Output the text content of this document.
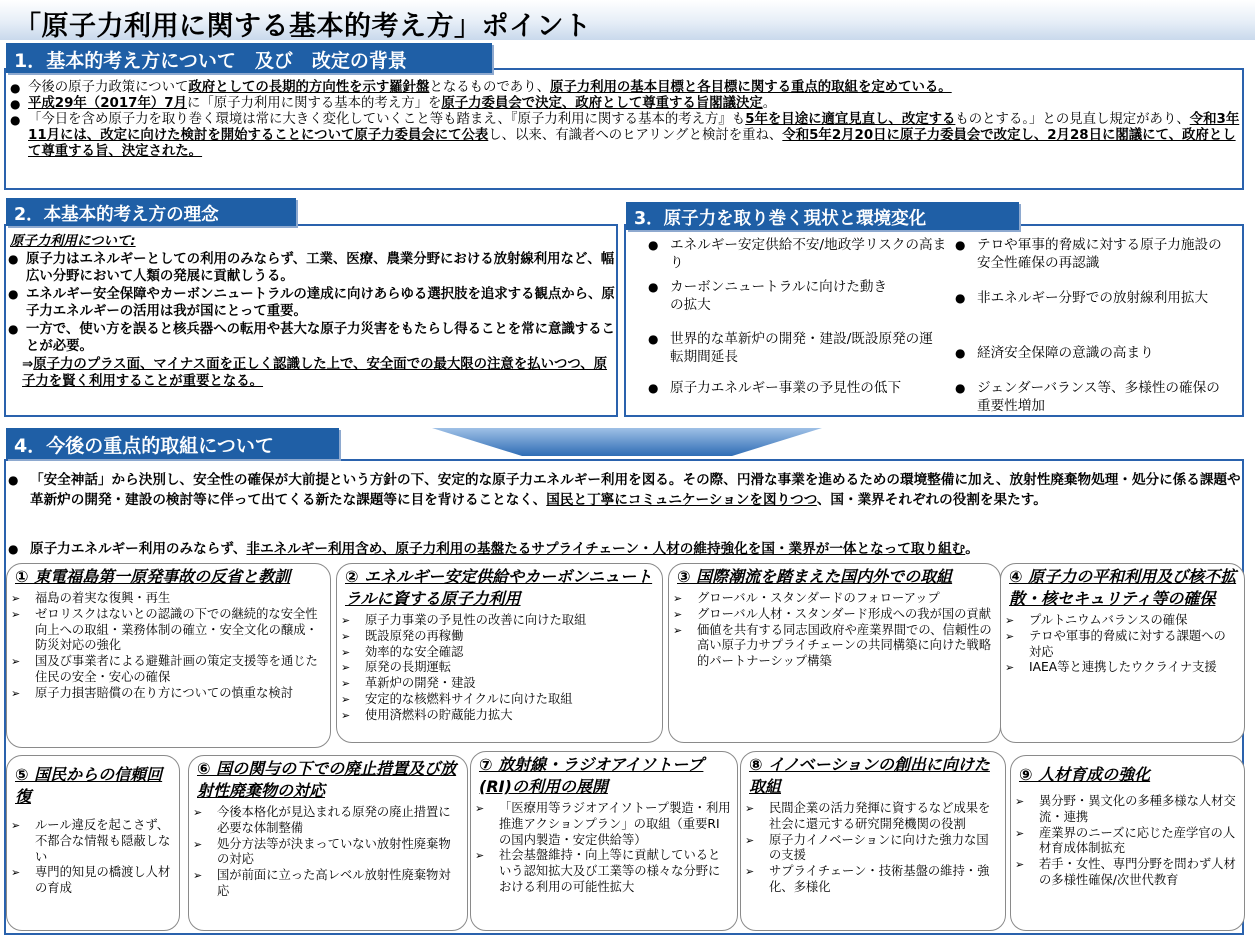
「原子力利用に関する基本的考え方」ポイント
1．基本的考え方について　及び　改定の背景
● 今後の原子力政策について政府としての長期的方向性を示す羅針盤となるものであり、原子力利用の基本目標と各目標に関する重点的取組を定めている。
● 平成29年（2017年）7月に「原子力利用に関する基本的考え方」を原子力委員会で決定、政府として尊重する旨閣議決定。
● 「今日を含め原子力を取り巻く環境は常に大きく変化していくこと等も踏まえ、『原子力利用に関する基本的考え方』も5年を目途に適宜見直し、改定するものとする。」との見直し規定があり、令和3年11月には、改定に向けた検討を開始することについて原子力委員会にて公表し、以来、有識者へのヒアリングと検討を重ね、令和5年2月20日に原子力委員会で改定し、2月28日に閣議にて、政府として尊重する旨、決定された。
2．本基本的考え方の理念
原子力利用について:
● 原子力はエネルギーとしての利用のみならず、工業、医療、農業分野における放射線利用など、幅広い分野において人類の発展に貢献しうる。
● エネルギー安全保障やカーボンニュートラルの達成に向けあらゆる選択肢を追求する観点から、原子力エネルギーの活用は我が国にとって重要。
● 一方で、使い方を誤ると核兵器への転用や甚大な原子力災害をもたらし得ることを常に意識することが必要。
⇒原子力のプラス面、マイナス面を正しく認識した上で、安全面での最大限の注意を払いつつ、原子力を賢く利用することが重要となる。
3．原子力を取り巻く現状と環境変化
● エネルギー安定供給不安/地政学リスクの高まり
● カーボンニュートラルに向けた動きの拡大
● 世界的な革新炉の開発・建設/既設原発の運転期間延長
● 原子力エネルギー事業の予見性の低下
● テロや軍事的脅威に対する原子力施設の安全性確保の再認識
● 非エネルギー分野での放射線利用拡大
● 経済安全保障の意識の高まり
● ジェンダーバランス等、多様性の確保の重要性増加
4．今後の重点的取組について
● 「安全神話」から決別し、安全性の確保が大前提という方針の下、安定的な原子力エネルギー利用を図る。その際、円滑な事業を進めるための環境整備に加え、放射性廃棄物処理・処分に係る課題や革新炉の開発・建設の検討等に伴って出てくる新たな課題等に目を背けることなく、国民と丁寧にコミュニケーションを図りつつ、国・業界それぞれの役割を果たす。
● 原子力エネルギー利用のみならず、非エネルギー利用含め、原子力利用の基盤たるサプライチェーン・人材の維持強化を国・業界が一体となって取り組む。
① 東電福島第一原発事故の反省と教訓
➢ 福島の着実な復興・再生
➢ ゼロリスクはないとの認識の下での継続的な安全性向上への取組・業務体制の確立・安全文化の醸成・防災対応の強化
➢ 国及び事業者による避難計画の策定支援等を通じた住民の安全・安心の確保
➢ 原子力損害賠償の在り方についての慎重な検討
② エネルギー安定供給やカーボンニュートラルに資する原子力利用
➢ 原子力事業の予見性の改善に向けた取組
➢ 既設原発の再稼働
➢ 効率的な安全確認
➢ 原発の長期運転
➢ 革新炉の開発・建設
➢ 安定的な核燃料サイクルに向けた取組
➢ 使用済燃料の貯蔵能力拡大
③ 国際潮流を踏まえた国内外での取組
➢ グローバル・スタンダードのフォローアップ
➢ グローバル人材・スタンダード形成への我が国の貢献
➢ 価値を共有する同志国政府や産業界間での、信頼性の高い原子力サプライチェーンの共同構築に向けた戦略的パートナーシップ構築
④ 原子力の平和利用及び核不拡散・核セキュリティ等の確保
➢ プルトニウムバランスの確保
➢ テロや軍事的脅威に対する課題への対応
➢ IAEA等と連携したウクライナ支援
⑤ 国民からの信頼回復
➢ ルール違反を起こさず、不都合な情報も隠蔽しない
➢ 専門的知見の橋渡し人材の育成
⑥ 国の関与の下での廃止措置及び放射性廃棄物の対応
➢ 今後本格化が見込まれる原発の廃止措置に必要な体制整備
➢ 処分方法等が決まっていない放射性廃棄物の対応
➢ 国が前面に立った高レベル放射性廃棄物対応
⑦ 放射線・ラジオアイソトープ(RI)の利用の展開
➢ 「医療用等ラジオアイソトープ製造・利用推進アクションプラン」の取組（重要RIの国内製造・安定供給等）
➢ 社会基盤維持・向上等に貢献しているという認知拡大及び工業等の様々な分野における利用の可能性拡大
⑧ イノベーションの創出に向けた取組
➢ 民間企業の活力発揮に資するなど成果を社会に還元する研究開発機関の役割
➢ 原子力イノベーションに向けた強力な国の支援
➢ サプライチェーン・技術基盤の維持・強化、多様化
⑨ 人材育成の強化
➢ 異分野・異文化の多種多様な人材交流・連携
➢ 産業界のニーズに応じた産学官の人材育成体制拡充
➢ 若手・女性、専門分野を問わず人材の多様性確保/次世代教育
